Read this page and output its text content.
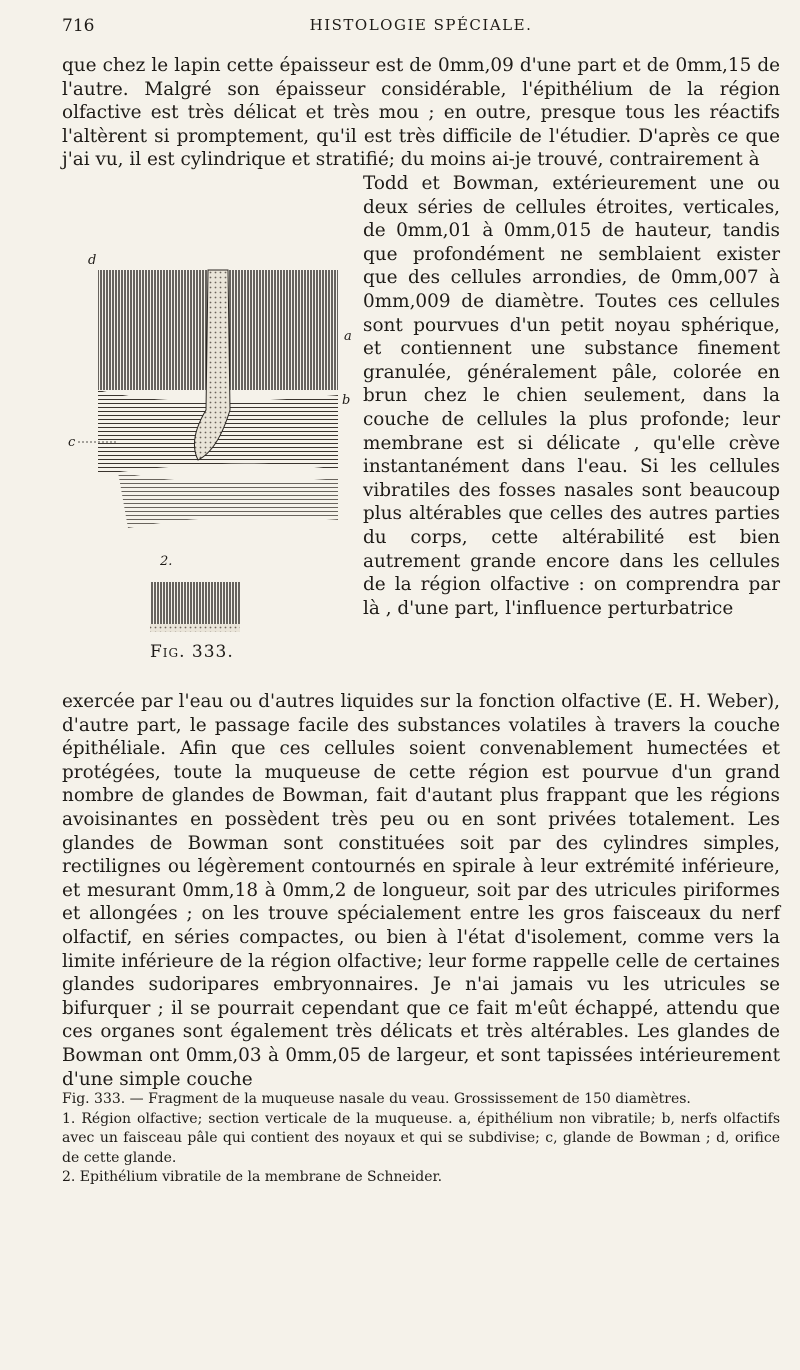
716	HISTOLOGIE SPÉCIALE.

que chez le lapin cette épaisseur est de 0mm,09 d'une part et de 0mm,15 de l'autre. Malgré son épaisseur considérable, l'épithélium de la région olfactive est très délicat et très mou ; en outre, presque tous les réactifs l'altèrent si promptement, qu'il est très difficile de l'étudier. D'après ce que j'ai vu, il est cylindrique et stratifié; du moins ai-je trouvé, contrairement à

Todd et Bowman, extérieurement une ou deux séries de cellules étroites, verticales, de 0mm,01 à 0mm,015 de hauteur, tandis que profondément ne semblaient exister que des cellules arrondies, de 0mm,007 à 0mm,009 de diamètre. Toutes ces cellules sont pourvues d'un petit noyau sphérique, et contiennent une substance finement granulée, généralement pâle, colorée en brun chez le chien seulement, dans la couche de cellules la plus profonde; leur membrane est si délicate , qu'elle crève instantanément dans l'eau. Si les cellules vibratiles des fosses nasales sont beaucoup plus altérables que celles des autres parties du corps, cette altérabilité est bien autrement grande encore dans les cellules de la région olfactive : on comprendra par là , d'une part, l'influence perturbatrice

d
a
b
c
2.
Fig. 333.

exercée par l'eau ou d'autres liquides sur la fonction olfactive (E. H. Weber), d'autre part, le passage facile des substances volatiles à travers la couche épithéliale. Afin que ces cellules soient convenablement humectées et protégées, toute la muqueuse de cette région est pourvue d'un grand nombre de glandes de Bowman, fait d'autant plus frappant que les régions avoisinantes en possèdent très peu ou en sont privées totalement. Les glandes de Bowman sont constituées soit par des cylindres simples, rectilignes ou légèrement contournés en spirale à leur extrémité inférieure, et mesurant 0mm,18 à 0mm,2 de longueur, soit par des utricules piriformes et allongées ; on les trouve spécialement entre les gros faisceaux du nerf olfactif, en séries compactes, ou bien à l'état d'isolement, comme vers la limite inférieure de la région olfactive; leur forme rappelle celle de certaines glandes sudoripares embryonnaires. Je n'ai jamais vu les utricules se bifurquer ; il se pourrait cependant que ce fait m'eût échappé, attendu que ces organes sont également très délicats et très altérables. Les glandes de Bowman ont 0mm,03 à 0mm,05 de largeur, et sont tapissées intérieurement d'une simple couche

Fig. 333. — Fragment de la muqueuse nasale du veau. Grossissement de 150 diamètres.
1. Région olfactive; section verticale de la muqueuse. a, épithélium non vibratile; b, nerfs olfactifs avec un faisceau pâle qui contient des noyaux et qui se subdivise; c, glande de Bowman ; d, orifice de cette glande.
2. Epithélium vibratile de la membrane de Schneider.
